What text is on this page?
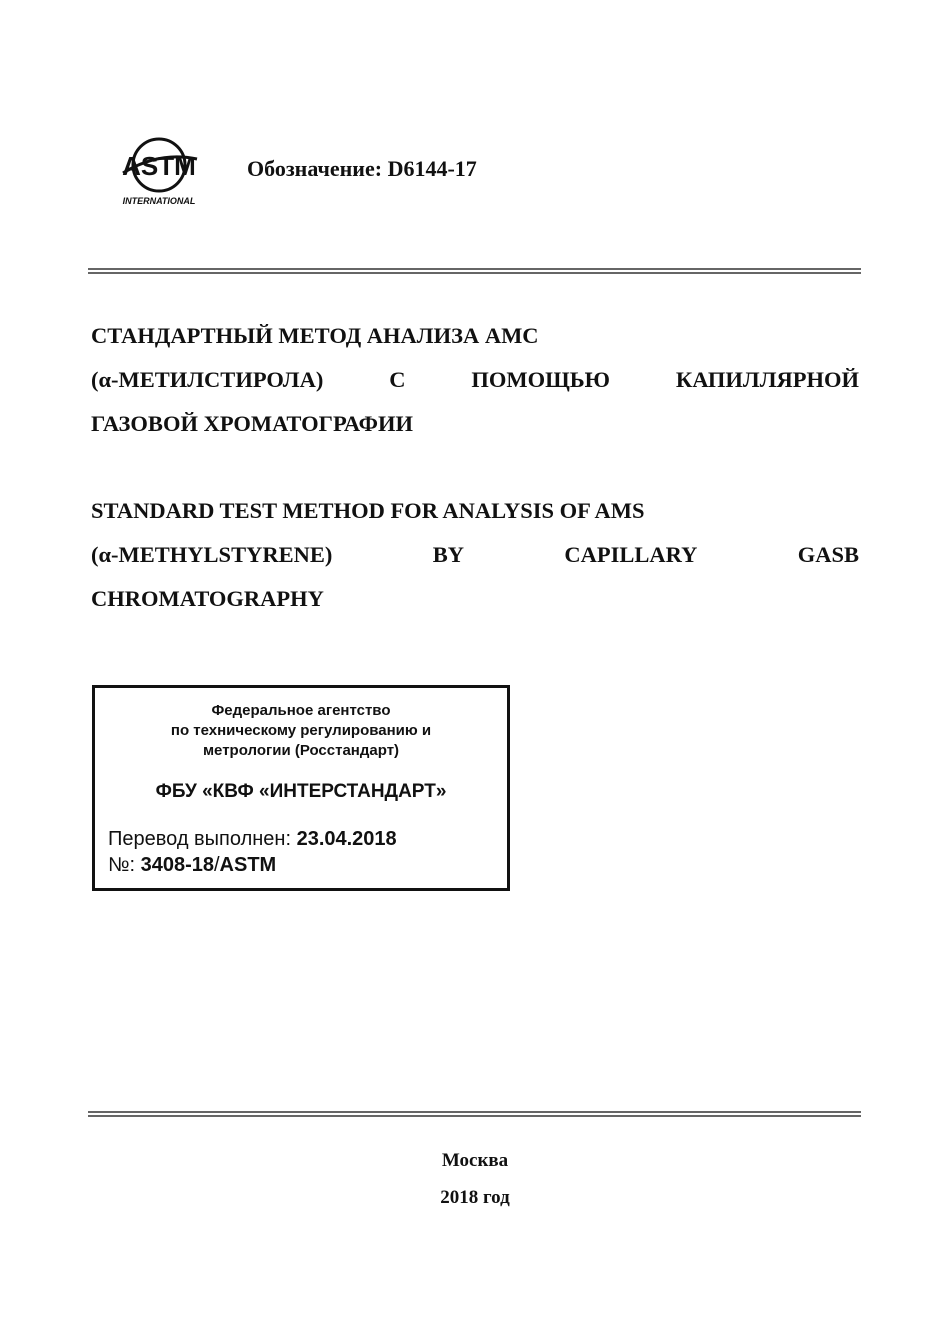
ASTM
INTERNATIONAL
Обозначение: D6144-17
СТАНДАРТНЫЙ МЕТОД АНАЛИЗА АМС
(α-МЕТИЛСТИРОЛА)	С	ПОМОЩЬЮ	КАПИЛЛЯРНОЙ
ГАЗОВОЙ ХРОМАТОГРАФИИ
STANDARD TEST METHOD FOR ANALYSIS OF AMS
(α-METHYLSTYRENE)	BY	CAPILLARY	GASB
CHROMATOGRAPHY
Федеральное агентство
по техническому регулированию и
метрологии (Росстандарт)
ФБУ «КВФ «ИНТЕРСТАНДАРТ»
Перевод выполнен: 23.04.2018
№: 3408-18/ASTM
Москва
2018 год
